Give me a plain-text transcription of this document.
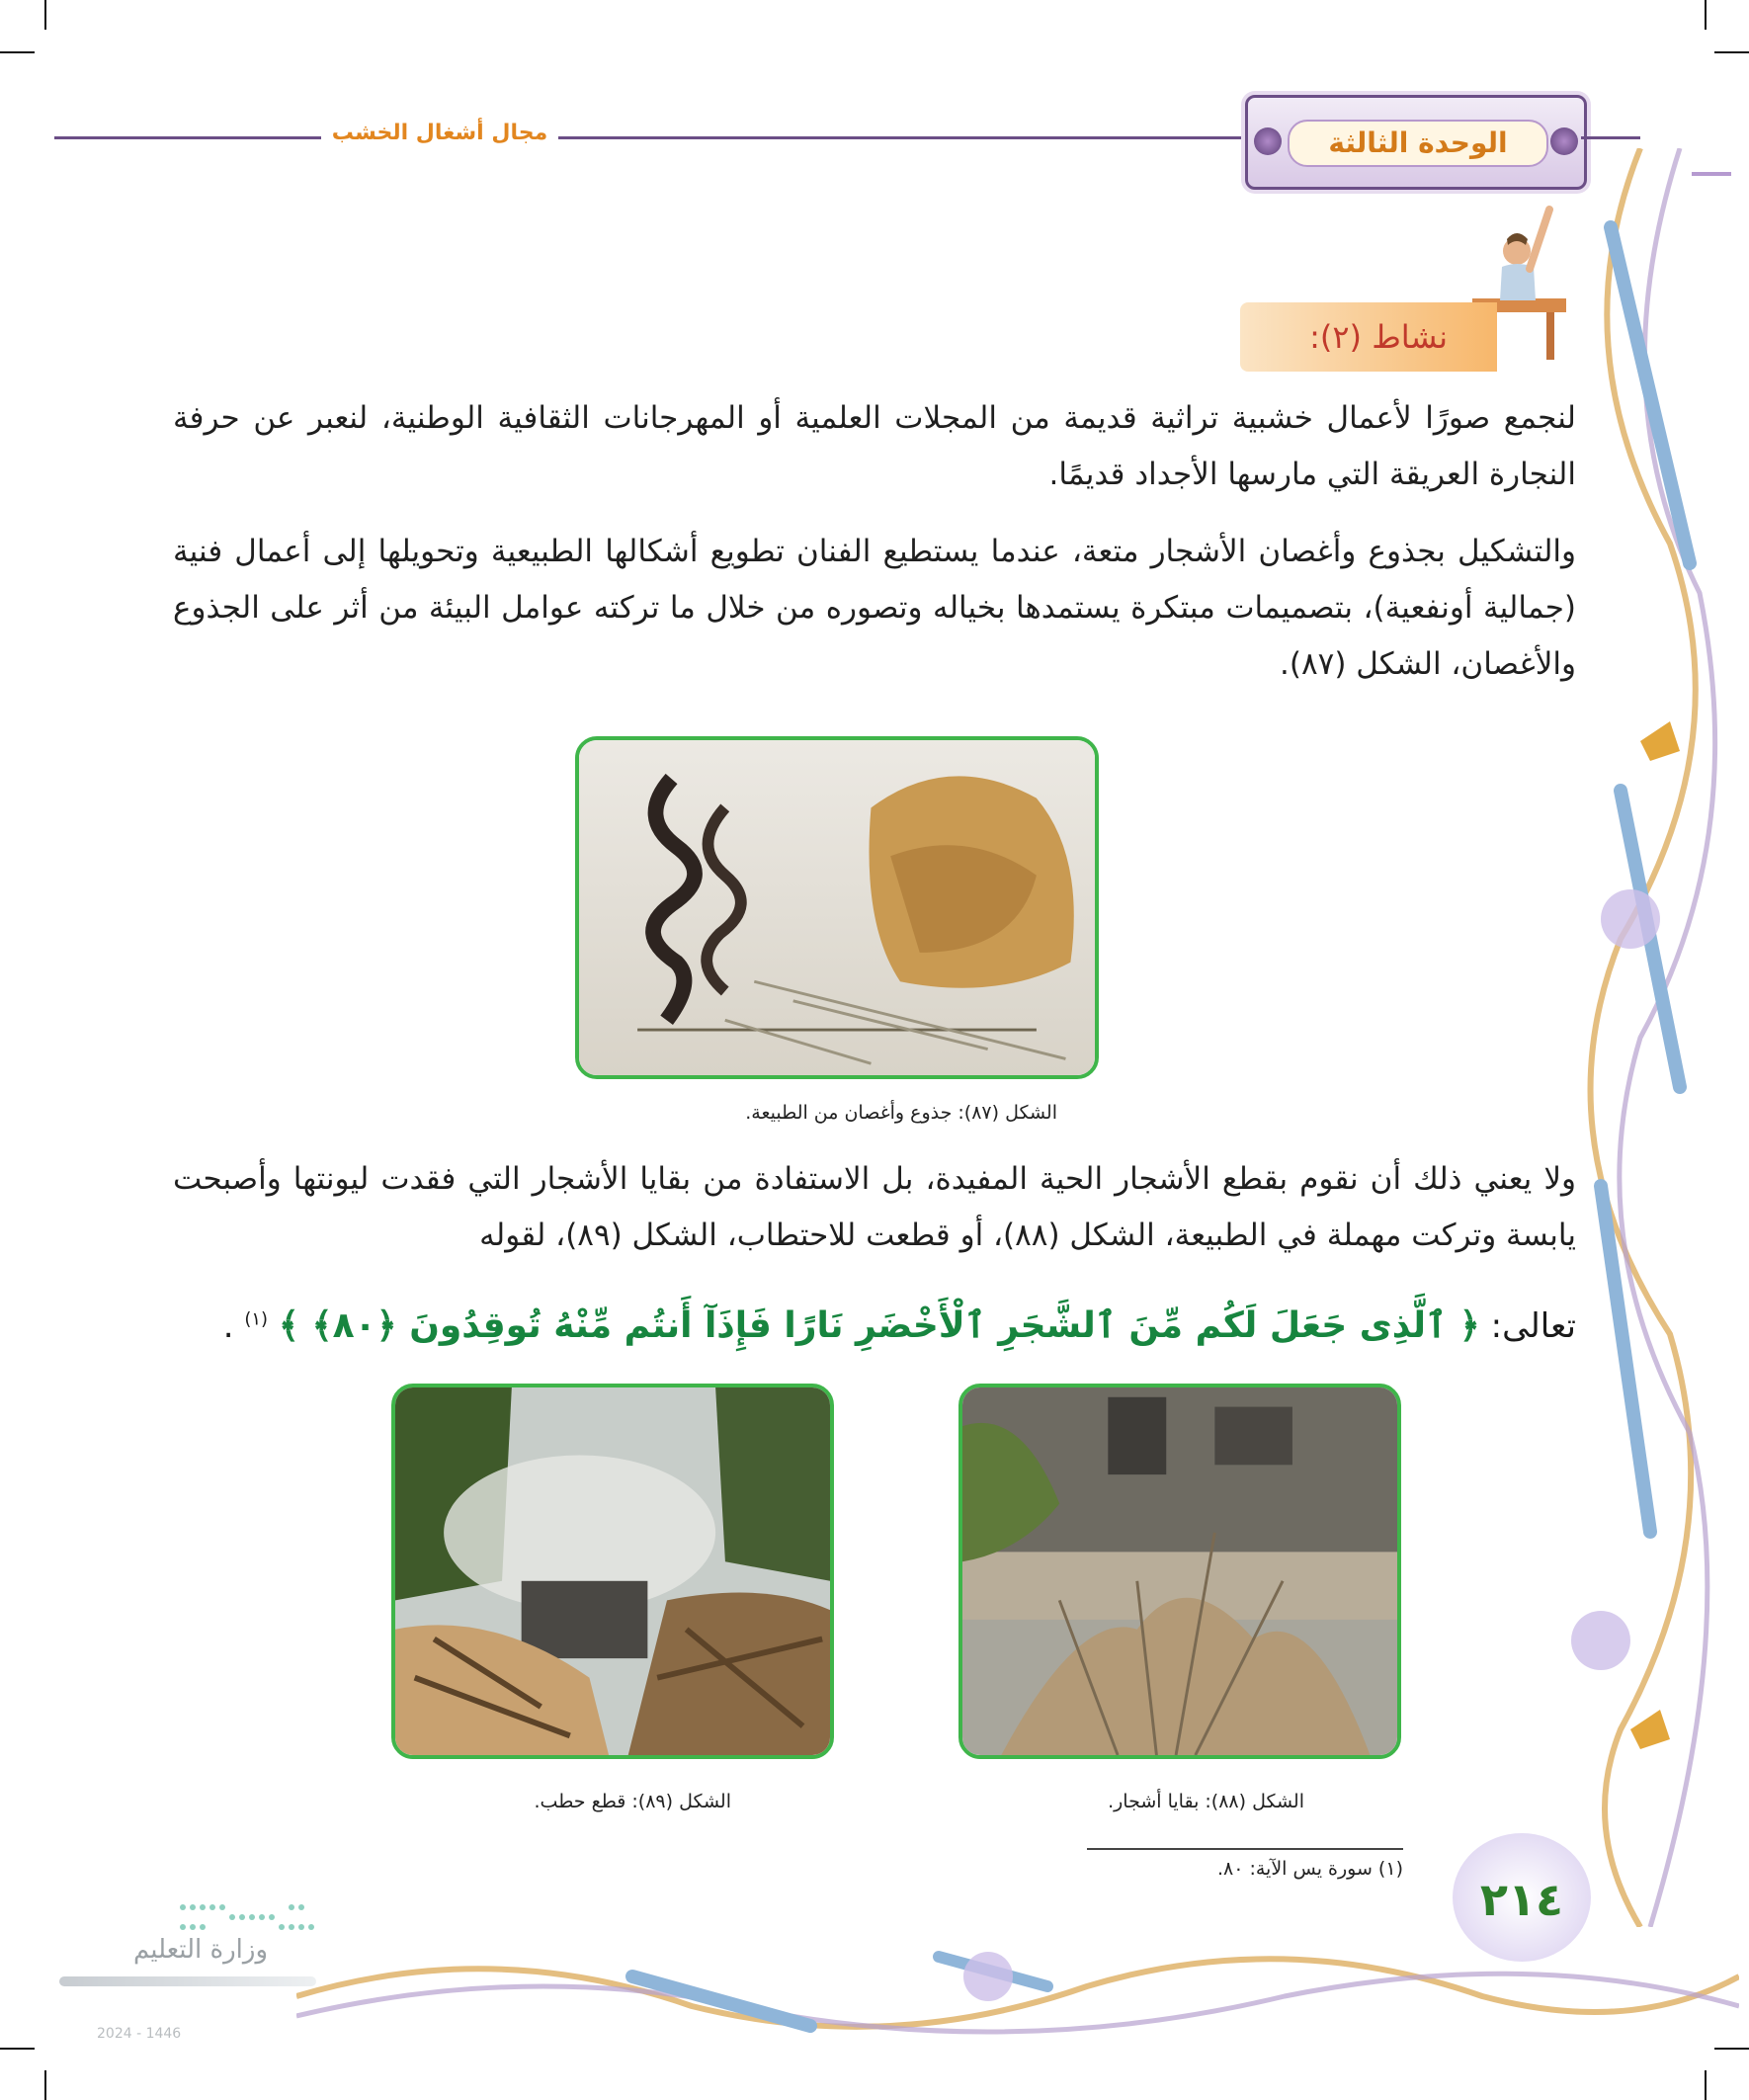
مجال أشغال الخشب	الوحدة الثالثة
نشاط (٢):
لنجمع صورًا لأعمال خشبية تراثية قديمة من المجلات العلمية أو المهرجانات الثقافية الوطنية، لنعبر عن حرفة النجارة العريقة التي مارسها الأجداد قديمًا.
والتشكيل بجذوع وأغصان الأشجار متعة، عندما يستطيع الفنان تطويع أشكالها الطبيعية وتحويلها إلى أعمال فنية (جمالية أونفعية)، بتصميمات مبتكرة يستمدها بخياله وتصوره من خلال ما تركته عوامل البيئة من أثر على الجذوع والأغصان، الشكل (٨٧).
الشكل (٨٧): جذوع وأغصان من الطبيعة.
ولا يعني ذلك أن نقوم بقطع الأشجار الحية المفيدة، بل الاستفادة من بقايا الأشجار التي فقدت ليونتها وأصبحت يابسة وتركت مهملة في الطبيعة، الشكل (٨٨)، أو قطعت للاحتطاب، الشكل (٨٩)، لقوله
تعالى: ﴿ ٱلَّذِى جَعَلَ لَكُم مِّنَ ٱلشَّجَرِ ٱلْأَخْضَرِ نَارًا فَإِذَآ أَنتُم مِّنْهُ تُوقِدُونَ ﴿٨٠﴾ ﴾ $^{(١)}$ .
الشكل (٨٨): بقايا أشجار.
الشكل (٨٩): قطع حطب.
(١) سورة يس الآية: ٨٠.
٢١٤
وزارة التعليم
2024 - 1446
